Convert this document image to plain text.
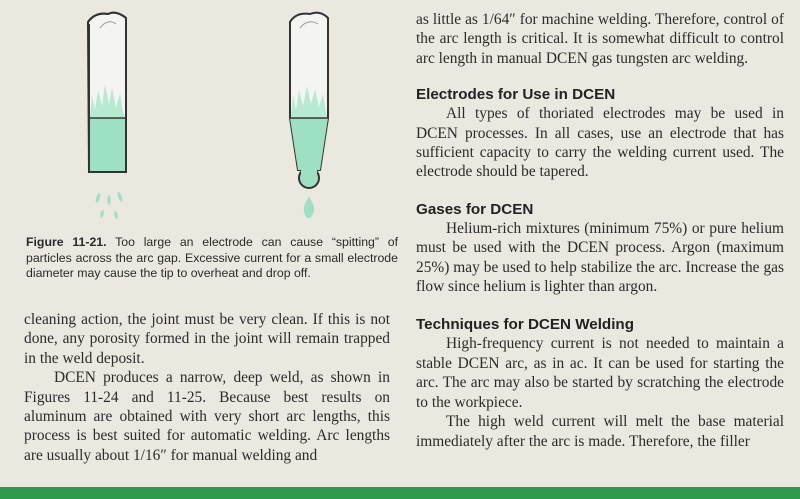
Figure 11-21. Too large an electrode can cause “spitting” of particles across the arc gap. Excessive current for a small electrode diameter may cause the tip to overheat and drop off.

cleaning action, the joint must be very clean. If this is not done, any porosity formed in the joint will remain trapped in the weld deposit.

DCEN produces a narrow, deep weld, as shown in Figures 11-24 and 11-25. Because best results on aluminum are obtained with very short arc lengths, this process is best suited for automatic welding. Arc lengths are usually about 1/16″ for manual welding and

as little as 1/64″ for machine welding. Therefore, control of the arc length is critical. It is somewhat difficult to control arc length in manual DCEN gas tungsten arc welding.

Electrodes for Use in DCEN

All types of thoriated electrodes may be used in DCEN processes. In all cases, use an electrode that has sufficient capacity to carry the welding current used. The electrode should be tapered.

Gases for DCEN

Helium-rich mixtures (minimum 75%) or pure helium must be used with the DCEN process. Argon (maximum 25%) may be used to help stabilize the arc. Increase the gas flow since helium is lighter than argon.

Techniques for DCEN Welding

High-frequency current is not needed to maintain a stable DCEN arc, as in ac. It can be used for starting the arc. The arc may also be started by scratching the electrode to the workpiece.

The high weld current will melt the base material immediately after the arc is made. Therefore, the filler
